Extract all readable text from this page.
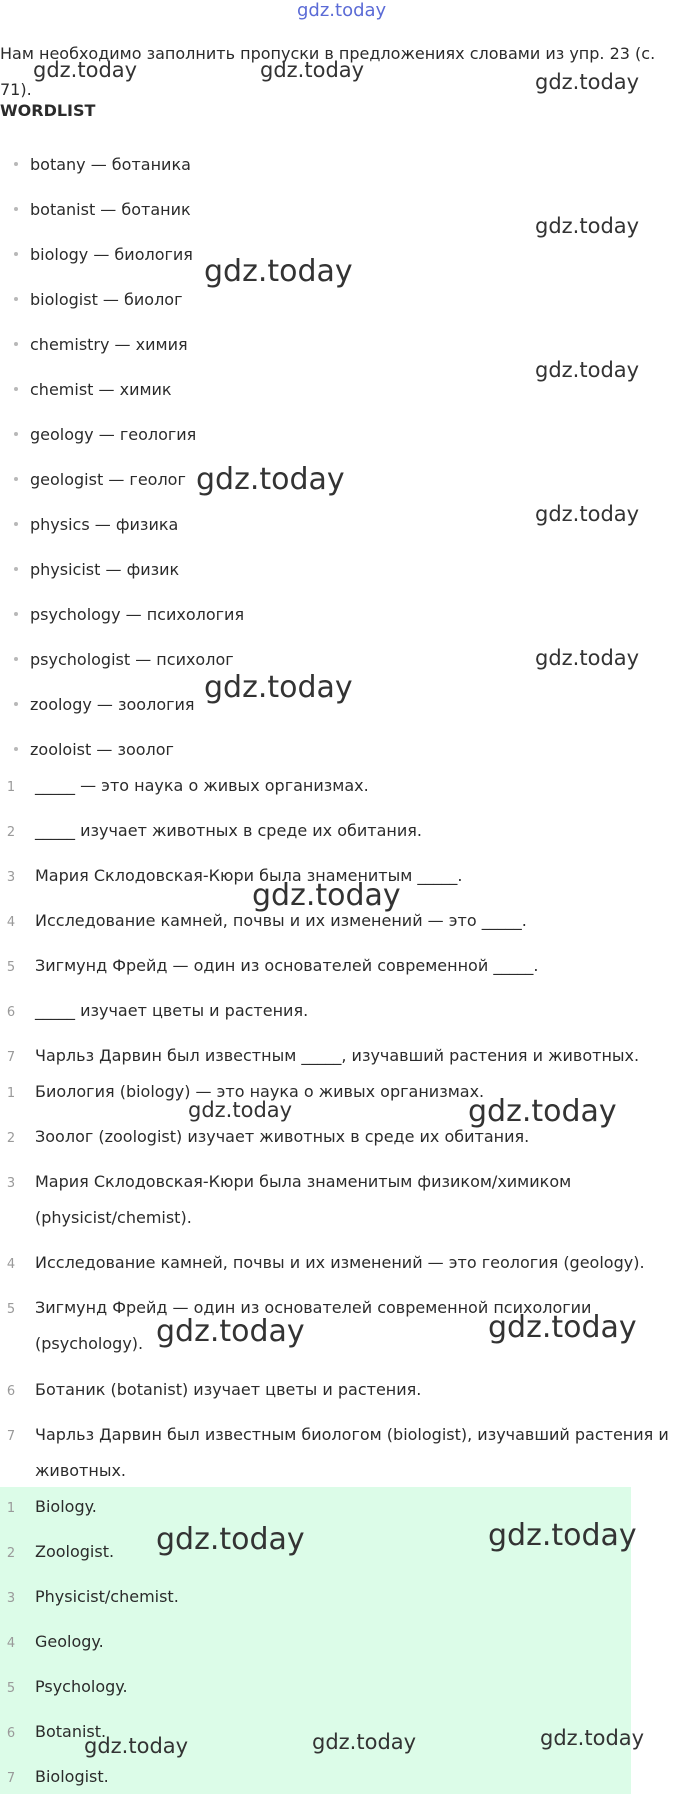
gdz.today
Нам необходимо заполнить пропуски в предложениях словами из упр. 23 (с. 71).
WORDLIST
botany — ботаника
botanist — ботаник
biology — биология
biologist — биолог
chemistry — химия
chemist — химик
geology — геология
geologist — геолог
physics — физика
physicist — физик
psychology — психология
psychologist — психолог
zoology — зоология
zooloist — зоолог
1 _____ — это наука о живых организмах.
2 _____ изучает животных в среде их обитания.
3 Мария Склодовская-Кюри была знаменитым _____.
4 Исследование камней, почвы и их изменений — это _____.
5 Зигмунд Фрейд — один из основателей современной _____.
6 _____ изучает цветы и растения.
7 Чарльз Дарвин был известным _____, изучавший растения и животных.
1 Биология (biology) — это наука о живых организмах.
2 Зоолог (zoologist) изучает животных в среде их обитания.
3 Мария Склодовская-Кюри была знаменитым физиком/химиком
(physicist/chemist).
4 Исследование камней, почвы и их изменений — это геология (geology).
5 Зигмунд Фрейд — один из основателей современной психологии
(psychology).
6 Ботаник (botanist) изучает цветы и растения.
7 Чарльз Дарвин был известным биологом (biologist), изучавший растения и
животных.
1 Biology.
2 Zoologist.
3 Physicist/chemist.
4 Geology.
5 Psychology.
6 Botanist.
7 Biologist.
gdz.today	gdz.today	gdz.today
gdz.today
gdz.today
gdz.today
gdz.today
gdz.today
gdz.today
gdz.today
gdz.today
gdz.today	gdz.today
gdz.today	gdz.today
gdz.today	gdz.today
gdz.today	gdz.today	gdz.today
